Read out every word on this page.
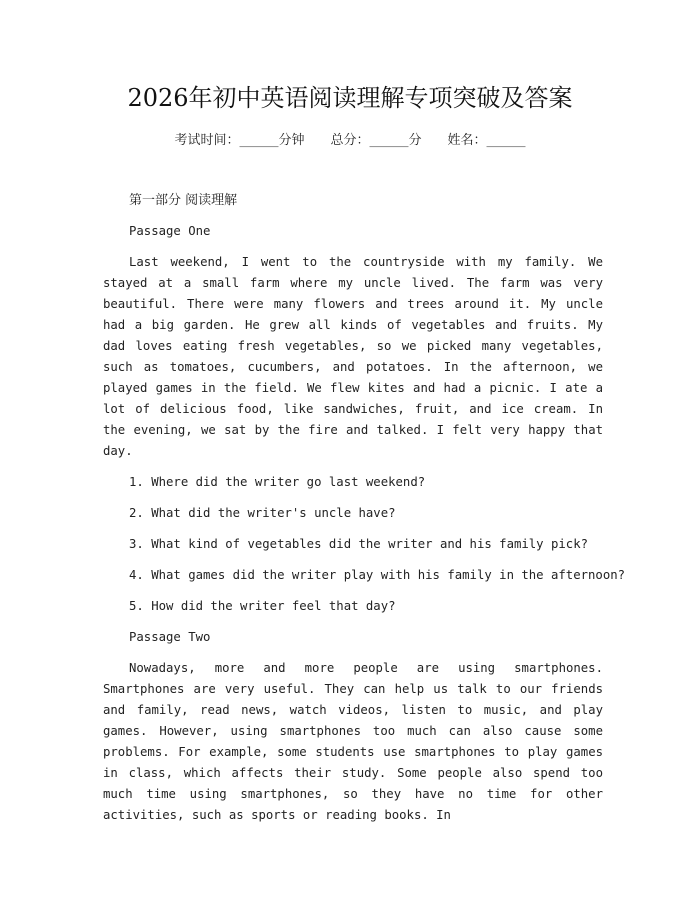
2026年初中英语阅读理解专项突破及答案
考试时间：______分钟 总分：______分 姓名：______
第一部分 阅读理解
Passage One

Last weekend, I went to the countryside with my family. We stayed at a small farm where my uncle lived. The farm was very beautiful. There were many flowers and trees around it. My uncle had a big garden. He grew all kinds of vegetables and fruits. My dad loves eating fresh vegetables, so we picked many vegetables, such as tomatoes, cucumbers, and potatoes. In the afternoon, we played games in the field. We flew kites and had a picnic. I ate a lot of delicious food, like sandwiches, fruit, and ice cream. In the evening, we sat by the fire and talked. I felt very happy that day.

1. Where did the writer go last weekend?
2. What did the writer's uncle have?
3. What kind of vegetables did the writer and his family pick?
4. What games did the writer play with his family in the afternoon?
5. How did the writer feel that day?
Passage Two

Nowadays, more and more people are using smartphones. Smartphones are very useful. They can help us talk to our friends and family, read news, watch videos, listen to music, and play games. However, using smartphones too much can also cause some problems. For example, some students use smartphones to play games in class, which affects their study. Some people also spend too much time using smartphones, so they have no time for other activities, such as sports or reading books. In
